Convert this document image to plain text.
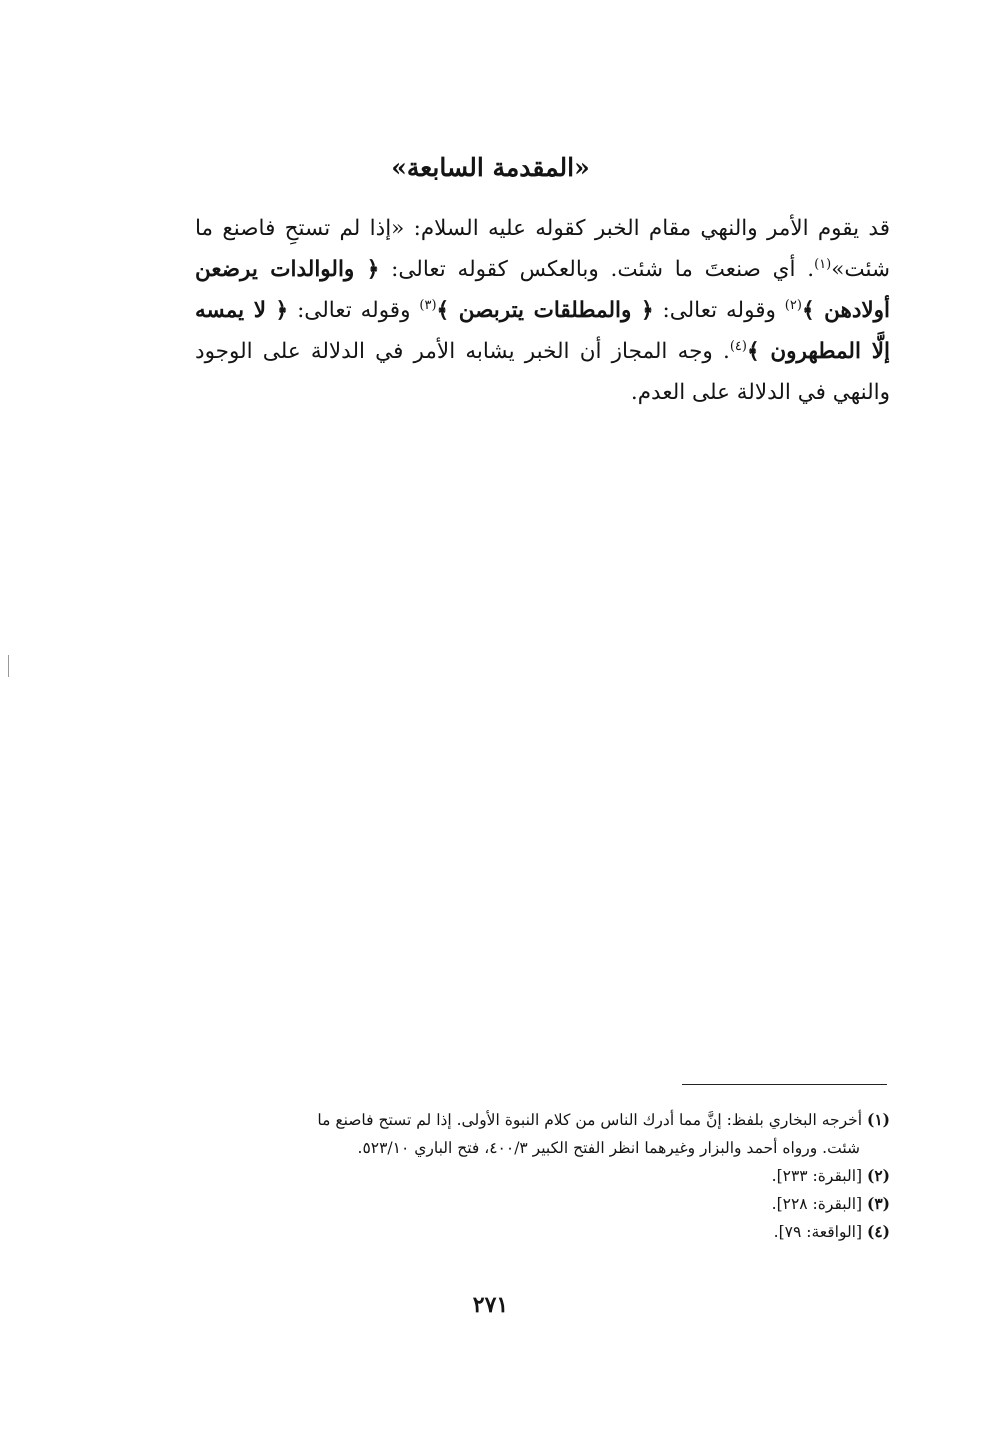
«المقدمة السابعة»

قد يقوم الأمر والنهي مقام الخبر كقوله عليه السلام: «إذا لم تستحِ فاصنع ما شئت»$^{(١)}$. أي صنعتَ ما شئت. وبالعكس كقوله تعالى: ﴿ والوالدات يرضعن أولادهن ﴾$^{(٢)}$ وقوله تعالى: ﴿ والمطلقات يتربصن ﴾$^{(٣)}$ وقوله تعالى: ﴿ لا يمسه إلَّا المطهرون ﴾$^{(٤)}$. وجه المجاز أن الخبر يشابه الأمر في الدلالة على الوجود والنهي في الدلالة على العدم.

(١) أخرجه البخاري بلفظ: إنَّ مما أدرك الناس من كلام النبوة الأولى. إذا لم تستح فاصنع ما

شئت. ورواه أحمد والبزار وغيرهما انظر الفتح الكبير ٤٠٠/٣، فتح الباري ٥٢٣/١٠.

(٢) [البقرة: ٢٣٣].

(٣) [البقرة: ٢٢٨].

(٤) [الواقعة: ٧٩].

٢٧١
